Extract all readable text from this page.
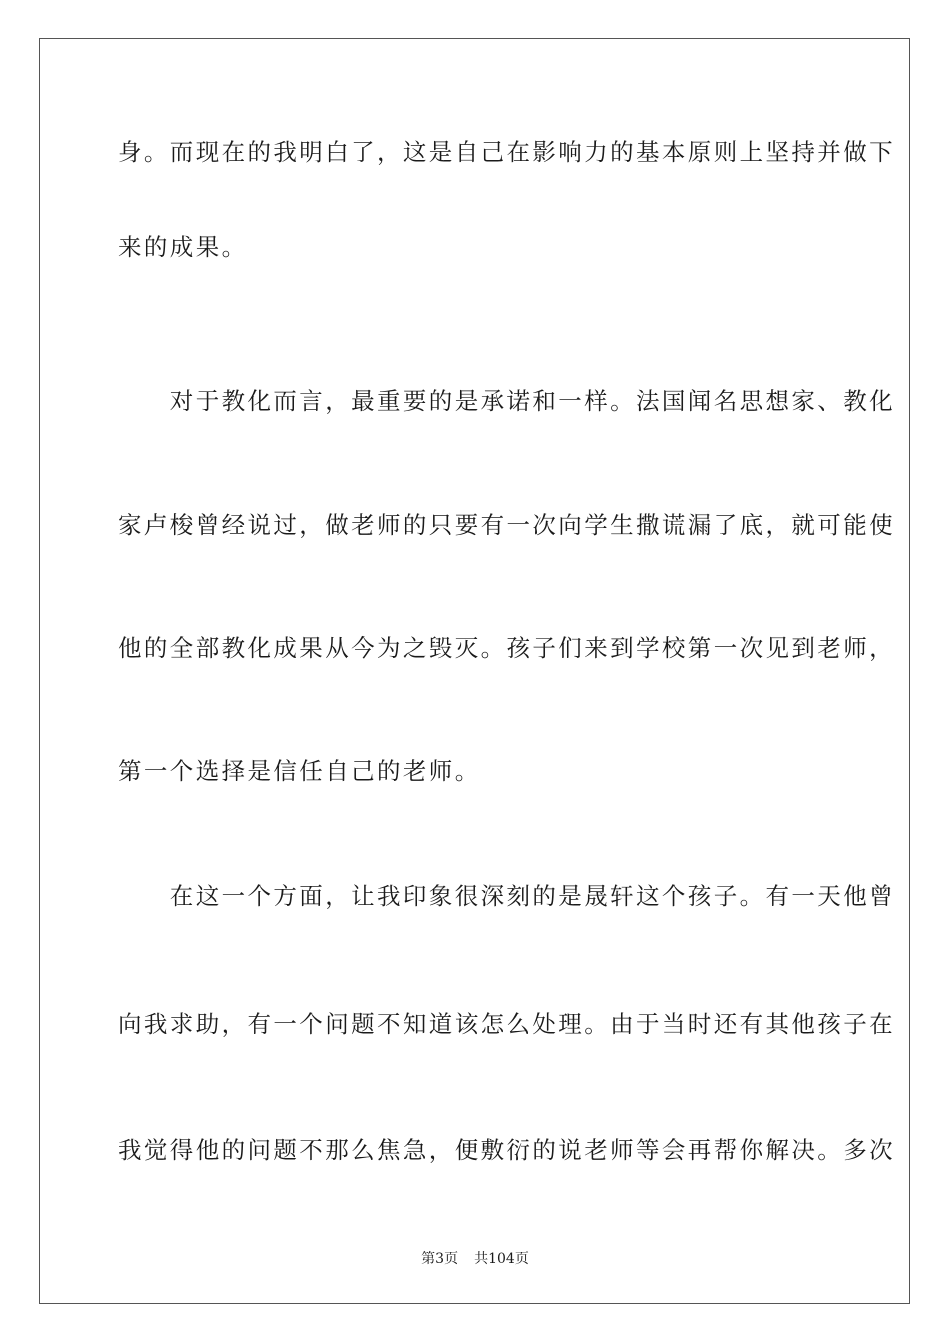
身。而现在的我明白了，这是自己在影响力的基本原则上坚持并做下
来的成果。
　　对于教化而言，最重要的是承诺和一样。法国闻名思想家、教化
家卢梭曾经说过，做老师的只要有一次向学生撒谎漏了底，就可能使
他的全部教化成果从今为之毁灭。孩子们来到学校第一次见到老师，
第一个选择是信任自己的老师。
　　在这一个方面，让我印象很深刻的是晟轩这个孩子。有一天他曾
向我求助，有一个问题不知道该怎么处理。由于当时还有其他孩子在
我觉得他的问题不那么焦急，便敷衍的说老师等会再帮你解决。多次
第3页 共104页
